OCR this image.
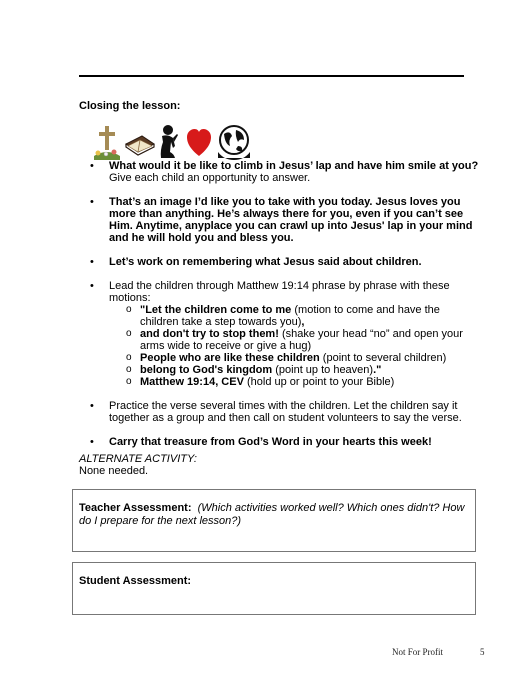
Closing the lesson:
• What would it be like to climb in Jesus’ lap and have him smile at you? Give each child an opportunity to answer.
• That’s an image I’d like you to take with you today. Jesus loves you more than anything. He’s always there for you, even if you can’t see Him. Anytime, anyplace you can crawl up into Jesus' lap in your mind and he will hold you and bless you.
• Let’s work on remembering what Jesus said about children.
• Lead the children through Matthew 19:14 phrase by phrase with these motions:
o "Let the children come to me (motion to come and have the children take a step towards you),
o and don't try to stop them! (shake your head “no” and open your arms wide to receive or give a hug)
o People who are like these children (point to several children)
o belong to God's kingdom (point up to heaven)."
o Matthew 19:14, CEV (hold up or point to your Bible)
• Practice the verse several times with the children. Let the children say it together as a group and then call on student volunteers to say the verse.
• Carry that treasure from God’s Word in your hearts this week!
ALTERNATE ACTIVITY:
None needed.
Teacher Assessment: (Which activities worked well? Which ones didn't? How do I prepare for the next lesson?)
Student Assessment:
Not For Profit	5
